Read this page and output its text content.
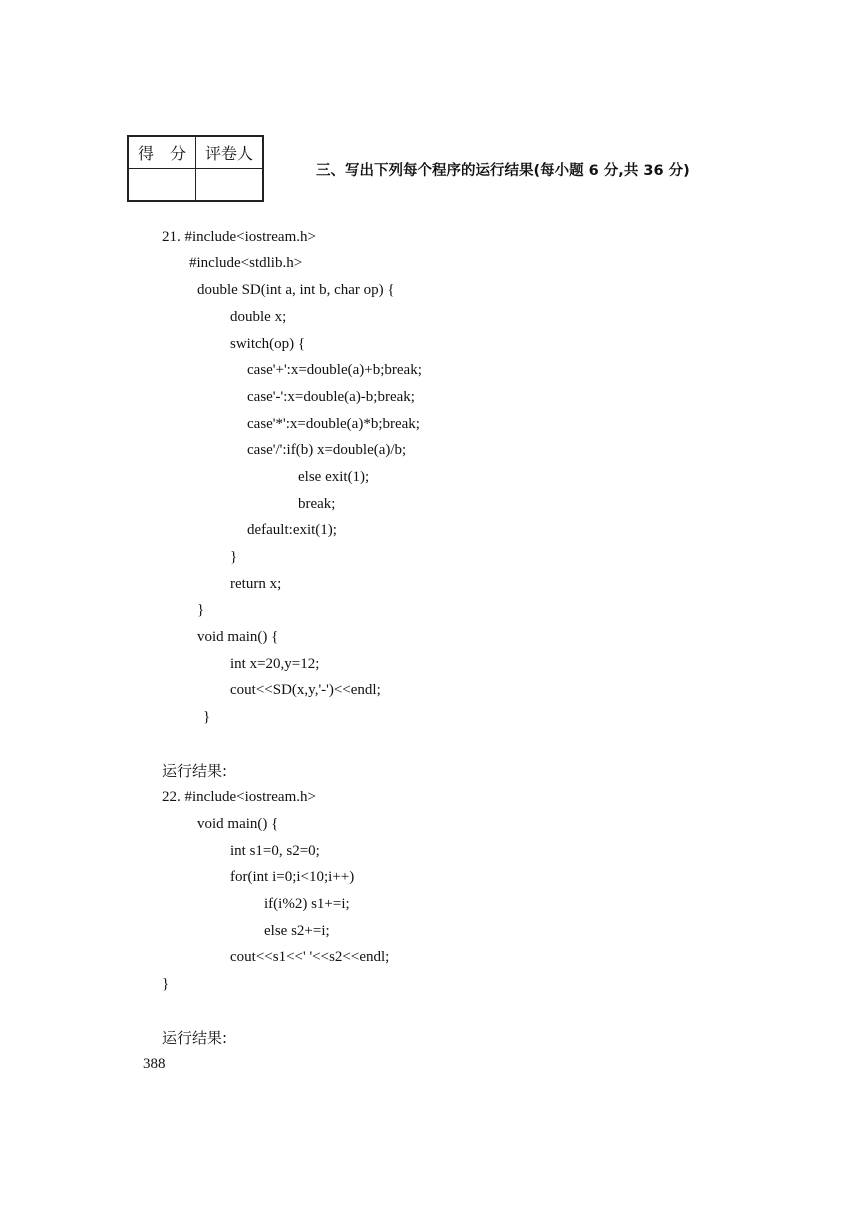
得　分	评卷人

三、写出下列每个程序的运行结果(每小题 6 分,共 36 分)
21. #include<iostream.h>
#include<stdlib.h>
double SD(int a, int b, char op) {
double x;
switch(op) {
case'+':x=double(a)+b;break;
case'-':x=double(a)-b;break;
case'*':x=double(a)*b;break;
case'/':if(b) x=double(a)/b;
else exit(1);
break;
default:exit(1);
}
return x;
}
void main() {
int x=20,y=12;
cout<<SD(x,y,'-')<<endl;
}
运行结果:
22. #include<iostream.h>
void main() {
int s1=0, s2=0;
for(int i=0;i<10;i++)
if(i%2) s1+=i;
else s2+=i;
cout<<s1<<' '<<s2<<endl;
}
运行结果:
388
